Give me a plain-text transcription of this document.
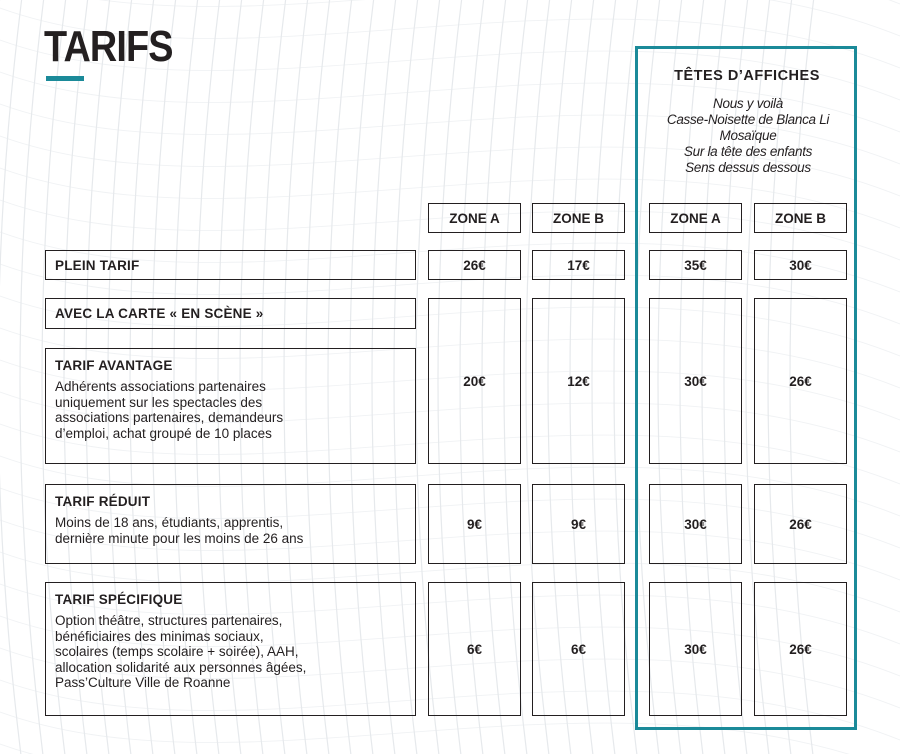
TARIFS
TÊTES D’AFFICHES
Nous y voilà
Casse-Noisette de Blanca Li
Mosaïque
Sur la tête des enfants
Sens dessus dessous
ZONE A	ZONE B	ZONE A	ZONE B
PLEIN TARIF	26€	17€	35€	30€
AVEC LA CARTE « EN SCÈNE »
TARIF AVANTAGE
Adhérents associations partenaires
uniquement sur les spectacles des
associations partenaires, demandeurs
d’emploi, achat groupé de 10 places
20€	12€	30€	26€
TARIF RÉDUIT
Moins de 18 ans, étudiants, apprentis,
dernière minute pour les moins de 26 ans
9€	9€	30€	26€
TARIF SPÉCIFIQUE
Option théâtre, structures partenaires,
bénéficiaires des minimas sociaux,
scolaires (temps scolaire + soirée), AAH,
allocation solidarité aux personnes âgées,
Pass’Culture Ville de Roanne
6€	6€	30€	26€
